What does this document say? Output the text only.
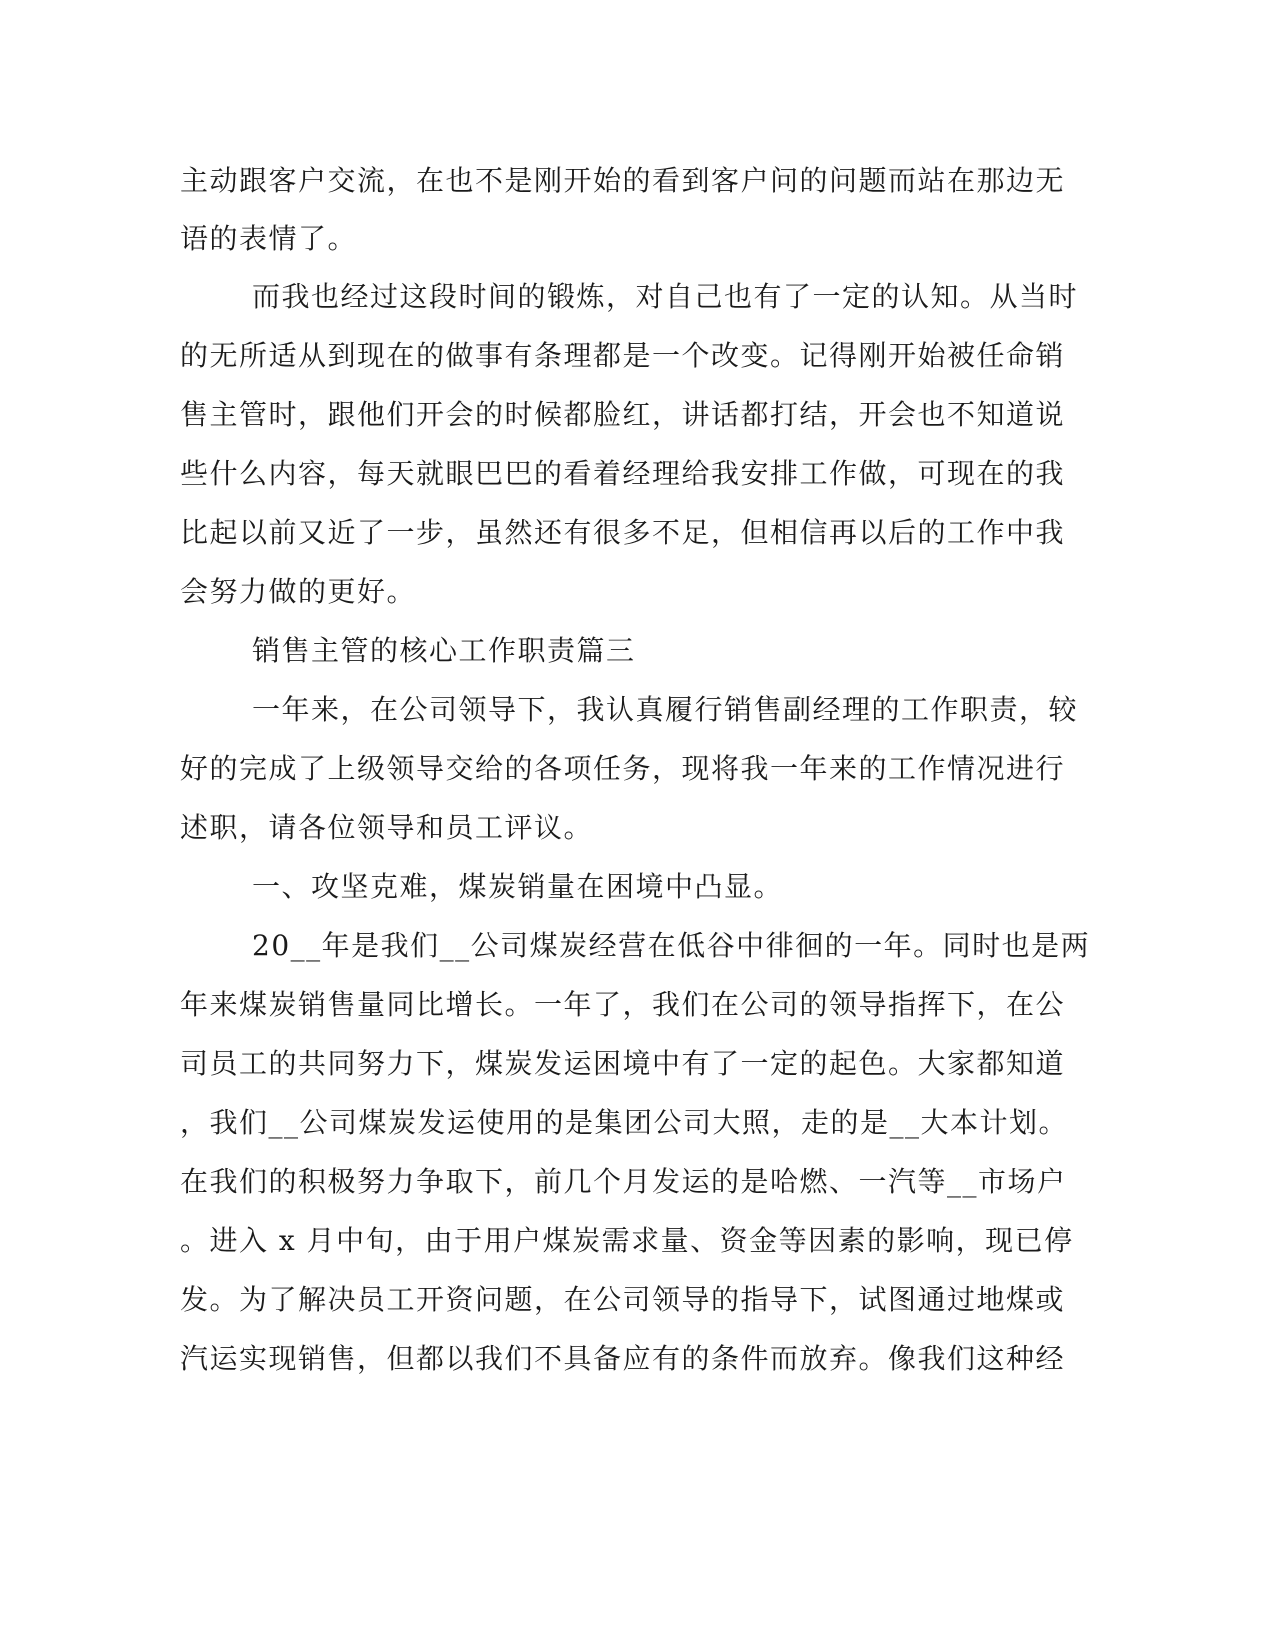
主动跟客户交流，在也不是刚开始的看到客户问的问题而站在那边无
语的表情了。
而我也经过这段时间的锻炼，对自己也有了一定的认知。从当时
的无所适从到现在的做事有条理都是一个改变。记得刚开始被任命销
售主管时，跟他们开会的时候都脸红，讲话都打结，开会也不知道说
些什么内容，每天就眼巴巴的看着经理给我安排工作做，可现在的我
比起以前又近了一步，虽然还有很多不足，但相信再以后的工作中我
会努力做的更好。
销售主管的核心工作职责篇三
一年来，在公司领导下，我认真履行销售副经理的工作职责，较
好的完成了上级领导交给的各项任务，现将我一年来的工作情况进行
述职，请各位领导和员工评议。
一、攻坚克难，煤炭销量在困境中凸显。
20__年是我们__公司煤炭经营在低谷中徘徊的一年。同时也是两
年来煤炭销售量同比增长。一年了，我们在公司的领导指挥下，在公
司员工的共同努力下，煤炭发运困境中有了一定的起色。大家都知道
，我们__公司煤炭发运使用的是集团公司大照，走的是__大本计划。
在我们的积极努力争取下，前几个月发运的是哈燃、一汽等__市场户
。进入 x 月中旬，由于用户煤炭需求量、资金等因素的影响，现已停
发。为了解决员工开资问题，在公司领导的指导下，试图通过地煤或
汽运实现销售，但都以我们不具备应有的条件而放弃。像我们这种经
